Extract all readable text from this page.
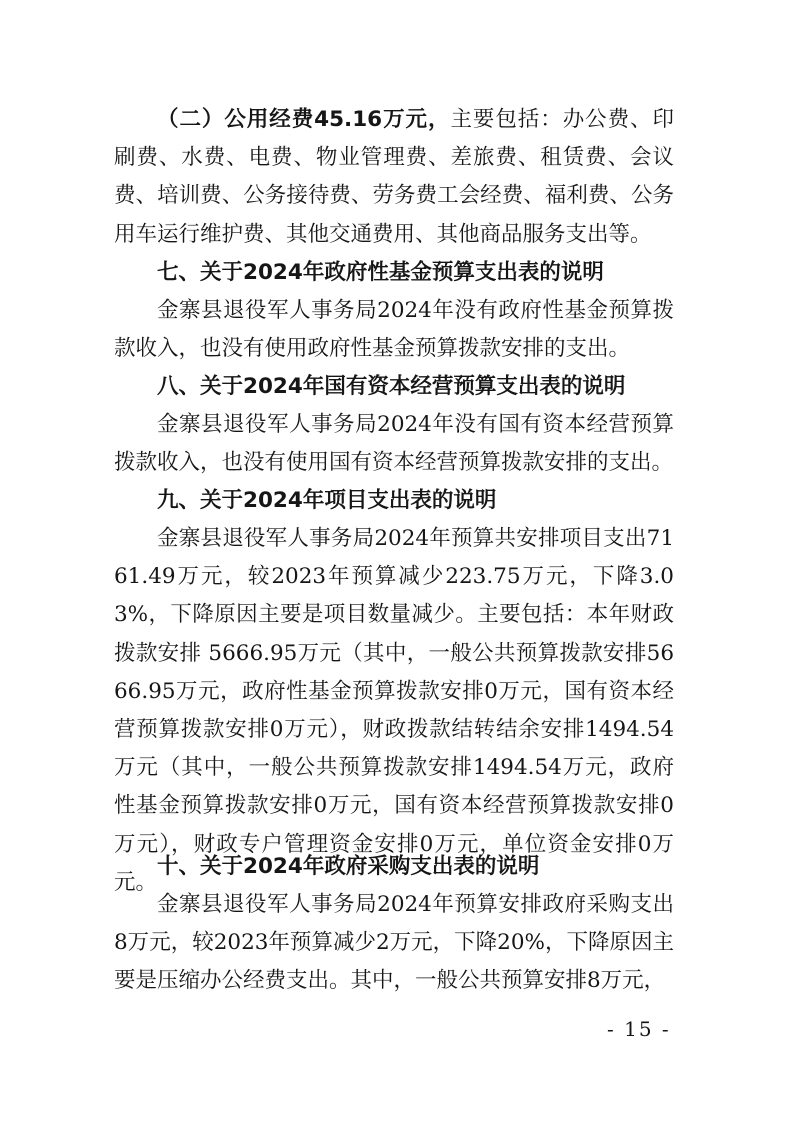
（二）公用经费45.16万元，主要包括：办公费、印刷费、水费、电费、物业管理费、差旅费、租赁费、会议费、培训费、公务接待费、劳务费工会经费、福利费、公务用车运行维护费、其他交通费用、其他商品服务支出等。

七、关于2024年政府性基金预算支出表的说明

金寨县退役军人事务局2024年没有政府性基金预算拨款收入，也没有使用政府性基金预算拨款安排的支出。

八、关于2024年国有资本经营预算支出表的说明

金寨县退役军人事务局2024年没有国有资本经营预算拨款收入，也没有使用国有资本经营预算拨款安排的支出。

九、关于2024年项目支出表的说明

金寨县退役军人事务局2024年预算共安排项目支出7161.49万元，较2023年预算减少223.75万元，下降3.03%，下降原因主要是项目数量减少。主要包括：本年财政拨款安排 5666.95万元（其中，一般公共预算拨款安排5666.95万元，政府性基金预算拨款安排0万元，国有资本经营预算拨款安排0万元），财政拨款结转结余安排1494.54万元（其中，一般公共预算拨款安排1494.54万元，政府性基金预算拨款安排0万元，国有资本经营预算拨款安排0万元），财政专户管理资金安排0万元，单位资金安排0万元。

十、关于2024年政府采购支出表的说明

金寨县退役军人事务局2024年预算安排政府采购支出8万元，较2023年预算减少2万元，下降20%，下降原因主要是压缩办公经费支出。其中，一般公共预算安排8万元，

- 15 -
